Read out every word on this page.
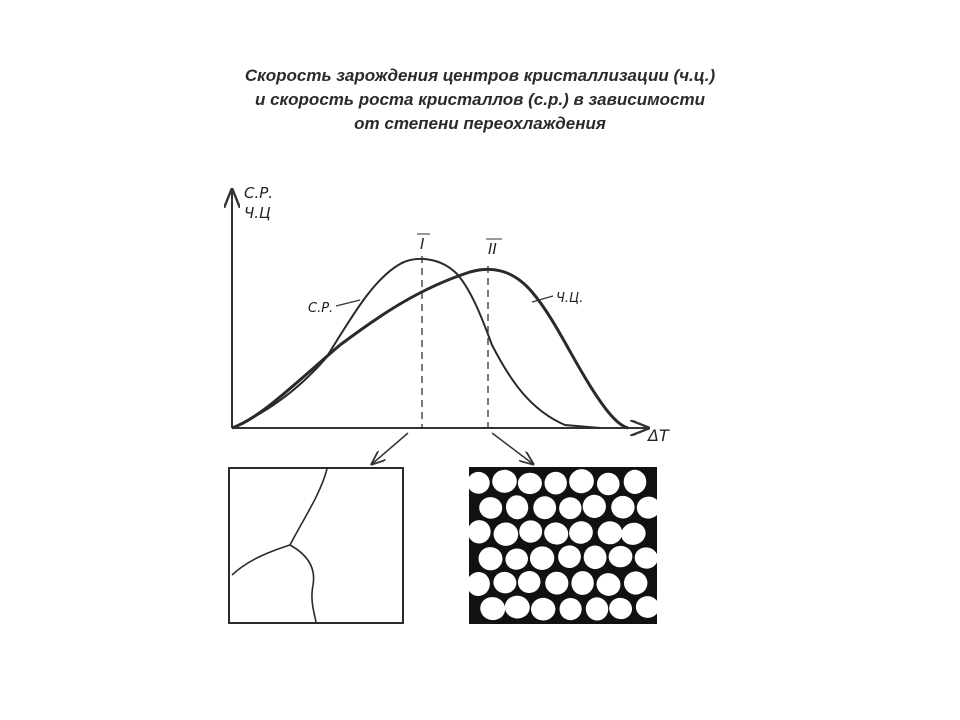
Скорость зарождения центров кристаллизации (ч.ц.)
и скорость роста кристаллов (с.р.) в зависимости
от степени переохлаждения
С.Р.
Ч.Ц
ΔT
С.Р.
Ч.Ц.
I	II
